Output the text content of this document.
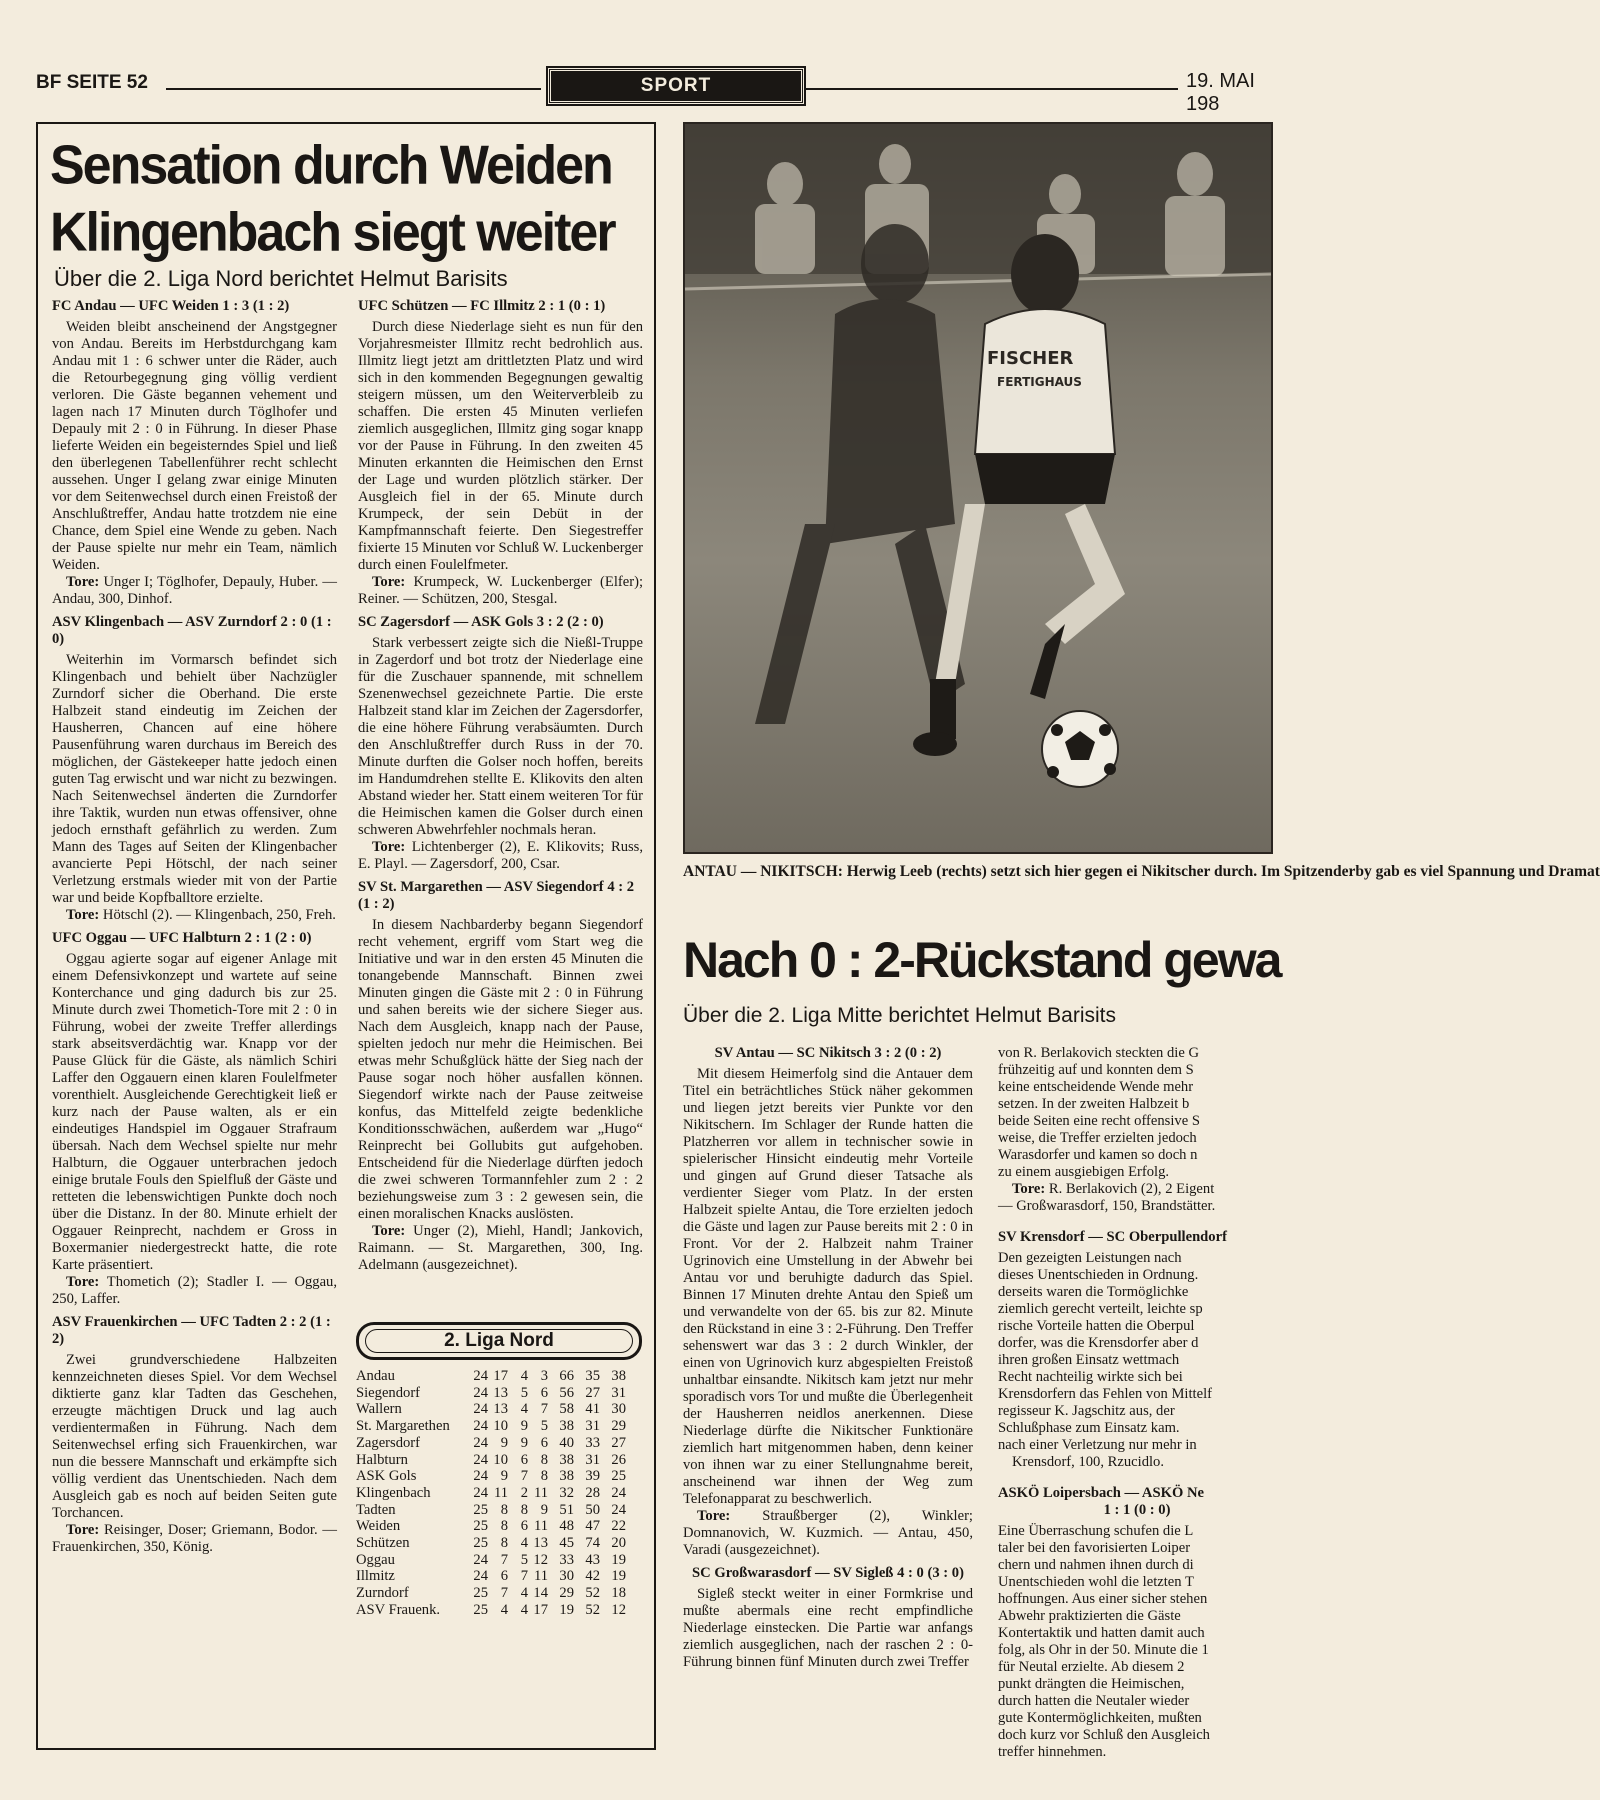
BF SEITE 52	SPORT	19. MAI 198
Sensation durch Weiden
Klingenbach siegt weiter
Über die 2. Liga Nord berichtet Helmut Barisits

FC Andau — UFC Weiden 1 : 3 (1 : 2)

Weiden bleibt anscheinend der Angstgegner von Andau. Bereits im Herbstdurchgang kam Andau mit 1 : 6 schwer unter die Räder, auch die Retourbegegnung ging völlig verdient verloren. Die Gäste begannen vehement und lagen nach 17 Minuten durch Töglhofer und Depauly mit 2 : 0 in Führung. In dieser Phase lieferte Weiden ein begeisterndes Spiel und ließ den überlegenen Tabellenführer recht schlecht aussehen. Unger I gelang zwar einige Minuten vor dem Seitenwechsel durch einen Freistoß der Anschlußtreffer, Andau hatte trotzdem nie eine Chance, dem Spiel eine Wende zu geben. Nach der Pause spielte nur mehr ein Team, nämlich Weiden.

Tore: Unger I; Töglhofer, Depauly, Huber. — Andau, 300, Dinhof.

ASV Klingenbach — ASV Zurndorf 2 : 0 (1 : 0)

Weiterhin im Vormarsch befindet sich Klingenbach und behielt über Nachzügler Zurndorf sicher die Oberhand. Die erste Halbzeit stand eindeutig im Zeichen der Hausherren, Chancen auf eine höhere Pausenführung waren durchaus im Bereich des möglichen, der Gästekeeper hatte jedoch einen guten Tag erwischt und war nicht zu bezwingen. Nach Seitenwechsel änderten die Zurndorfer ihre Taktik, wurden nun etwas offensiver, ohne jedoch ernsthaft gefährlich zu werden. Zum Mann des Tages auf Seiten der Klingenbacher avancierte Pepi Hötschl, der nach seiner Verletzung erstmals wieder mit von der Partie war und beide Kopfballtore erzielte.

Tore: Hötschl (2). — Klingenbach, 250, Freh.

UFC Oggau — UFC Halbturn 2 : 1 (2 : 0)

Oggau agierte sogar auf eigener Anlage mit einem Defensivkonzept und wartete auf seine Konterchance und ging dadurch bis zur 25. Minute durch zwei Thometich-Tore mit 2 : 0 in Führung, wobei der zweite Treffer allerdings stark abseitsverdächtig war. Knapp vor der Pause Glück für die Gäste, als nämlich Schiri Laffer den Oggauern einen klaren Foulelfmeter vorenthielt. Ausgleichende Gerechtigkeit ließ er kurz nach der Pause walten, als er ein eindeutiges Handspiel im Oggauer Strafraum übersah. Nach dem Wechsel spielte nur mehr Halbturn, die Oggauer unterbrachen jedoch einige brutale Fouls den Spielfluß der Gäste und retteten die lebenswichtigen Punkte doch noch über die Distanz. In der 80. Minute erhielt der Oggauer Reinprecht, nachdem er Gross in Boxermanier niedergestreckt hatte, die rote Karte präsentiert.

Tore: Thometich (2); Stadler I. — Oggau, 250, Laffer.

ASV Frauenkirchen — UFC Tadten 2 : 2 (1 : 2)

Zwei grundverschiedene Halbzeiten kennzeichneten dieses Spiel. Vor dem Wechsel diktierte ganz klar Tadten das Geschehen, erzeugte mächtigen Druck und lag auch verdientermaßen in Führung. Nach dem Seitenwechsel erfing sich Frauenkirchen, war nun die bessere Mannschaft und erkämpfte sich völlig verdient das Unentschieden. Nach dem Ausgleich gab es noch auf beiden Seiten gute Torchancen.

Tore: Reisinger, Doser; Griemann, Bodor. — Frauenkirchen, 350, König.

UFC Schützen — FC Illmitz 2 : 1 (0 : 1)

Durch diese Niederlage sieht es nun für den Vorjahresmeister Illmitz recht bedrohlich aus. Illmitz liegt jetzt am drittletzten Platz und wird sich in den kommenden Begegnungen gewaltig steigern müssen, um den Weiterverbleib zu schaffen. Die ersten 45 Minuten verliefen ziemlich ausgeglichen, Illmitz ging sogar knapp vor der Pause in Führung. In den zweiten 45 Minuten erkannten die Heimischen den Ernst der Lage und wurden plötzlich stärker. Der Ausgleich fiel in der 65. Minute durch Krumpeck, der sein Debüt in der Kampfmannschaft feierte. Den Siegestreffer fixierte 15 Minuten vor Schluß W. Luckenberger durch einen Foulelfmeter.

Tore: Krumpeck, W. Luckenberger (Elfer); Reiner. — Schützen, 200, Stesgal.

SC Zagersdorf — ASK Gols 3 : 2 (2 : 0)

Stark verbessert zeigte sich die Nießl-Truppe in Zagerdorf und bot trotz der Niederlage eine für die Zuschauer spannende, mit schnellem Szenenwechsel gezeichnete Partie. Die erste Halbzeit stand klar im Zeichen der Zagersdorfer, die eine höhere Führung verabsäumten. Durch den Anschlußtreffer durch Russ in der 70. Minute durften die Golser noch hoffen, bereits im Handumdrehen stellte E. Klikovits den alten Abstand wieder her. Statt einem weiteren Tor für die Heimischen kamen die Golser durch einen schweren Abwehrfehler nochmals heran.

Tore: Lichtenberger (2), E. Klikovits; Russ, E. Playl. — Zagersdorf, 200, Csar.

SV St. Margarethen — ASV Siegendorf 4 : 2 (1 : 2)

In diesem Nachbarderby begann Siegendorf recht vehement, ergriff vom Start weg die Initiative und war in den ersten 45 Minuten die tonangebende Mannschaft. Binnen zwei Minuten gingen die Gäste mit 2 : 0 in Führung und sahen bereits wie der sichere Sieger aus. Nach dem Ausgleich, knapp nach der Pause, spielten jedoch nur mehr die Heimischen. Bei etwas mehr Schußglück hätte der Sieg nach der Pause sogar noch höher ausfallen können. Siegendorf wirkte nach der Pause zeitweise konfus, das Mittelfeld zeigte bedenkliche Konditionsschwächen, außerdem war „Hugo“ Reinprecht bei Gollubits gut aufgehoben. Entscheidend für die Niederlage dürften jedoch die zwei schweren Tormannfehler zum 2 : 2 beziehungsweise zum 3 : 2 gewesen sein, die einen moralischen Knacks auslösten.

Tore: Unger (2), Miehl, Handl; Jankovich, Raimann. — St. Margarethen, 300, Ing. Adelmann (ausgezeichnet).

2. Liga Nord
Andau	24 17 4 3 66 35 38
Siegendorf	24 13 5 6 56 27 31
Wallern	24 13 4 7 58 41 30
St. Margarethen	24 10 9 5 38 31 29
Zagersdorf	24 9 9 6 40 33 27
Halbturn	24 10 6 8 38 31 26
ASK Gols	24 9 7 8 38 39 25
Klingenbach	24 11 2 11 32 28 24
Tadten	25 8 8 9 51 50 24
Weiden	25 8 6 11 48 47 22
Schützen	25 8 4 13 45 74 20
Oggau	24 7 5 12 33 43 19
Illmitz	24 6 7 11 30 42 19
Zurndorf	25 7 4 14 29 52 18
ASV Frauenk.	25 4 4 17 19 52 12
FISCHER
FERTIGHAUS
ANTAU — NIKITSCH: Herwig Leeb (rechts) setzt sich hier gegen ei Nikitscher durch. Im Spitzenderby gab es viel Spannung und Dramat
Nach 0 : 2-Rückstand gewa
Über die 2. Liga Mitte berichtet Helmut Barisits

SV Antau — SC Nikitsch 3 : 2 (0 : 2)

Mit diesem Heimerfolg sind die Antauer dem Titel ein beträchtliches Stück näher gekommen und liegen jetzt bereits vier Punkte vor den Nikitschern. Im Schlager der Runde hatten die Platzherren vor allem in technischer sowie in spielerischer Hinsicht eindeutig mehr Vorteile und gingen auf Grund dieser Tatsache als verdienter Sieger vom Platz. In der ersten Halbzeit spielte Antau, die Tore erzielten jedoch die Gäste und lagen zur Pause bereits mit 2 : 0 in Front. Vor der 2. Halbzeit nahm Trainer Ugrinovich eine Umstellung in der Abwehr bei Antau vor und beruhigte dadurch das Spiel. Binnen 17 Minuten drehte Antau den Spieß um und verwandelte von der 65. bis zur 82. Minute den Rückstand in eine 3 : 2-Führung. Den Treffer sehenswert war das 3 : 2 durch Winkler, der einen von Ugrinovich kurz abgespielten Freistoß unhaltbar einsandte. Nikitsch kam jetzt nur mehr sporadisch vors Tor und mußte die Überlegenheit der Hausherren neidlos anerkennen. Diese Niederlage dürfte die Nikitscher Funktionäre ziemlich hart mitgenommen haben, denn keiner von ihnen war zu einer Stellungnahme bereit, anscheinend war ihnen der Weg zum Telefonapparat zu beschwerlich.

Tore: Straußberger (2), Winkler; Domnanovich, W. Kuzmich. — Antau, 450, Varadi (ausgezeichnet).

SC Großwarasdorf — SV Sigleß 4 : 0 (3 : 0)

Sigleß steckt weiter in einer Formkrise und mußte abermals eine recht empfindliche Niederlage einstecken. Die Partie war anfangs ziemlich ausgeglichen, nach der raschen 2 : 0-Führung binnen fünf Minuten durch zwei Treffer

von R. Berlakovich steckten die G

frühzeitig auf und konnten dem S

keine entscheidende Wende mehr

setzen. In der zweiten Halbzeit b

beide Seiten eine recht offensive S

weise, die Treffer erzielten jedoch

Warasdorfer und kamen so doch n

zu einem ausgiebigen Erfolg.

Tore: R. Berlakovich (2), 2 Eigent

— Großwarasdorf, 150, Brandstätter.

SV Krensdorf — SC Oberpullendorf

Den gezeigten Leistungen nach

dieses Unentschieden in Ordnung.

derseits waren die Tormöglichke

ziemlich gerecht verteilt, leichte sp

rische Vorteile hatten die Oberpul

dorfer, was die Krensdorfer aber d

ihren großen Einsatz wettmach

Recht nachteilig wirkte sich bei

Krensdorfern das Fehlen von Mittelf

regisseur K. Jagschitz aus, der

Schlußphase zum Einsatz kam.

nach einer Verletzung nur mehr in

Krensdorf, 100, Rzucidlo.

ASKÖ Loipersbach — ASKÖ Ne

1 : 1 (0 : 0)

Eine Überraschung schufen die L

taler bei den favorisierten Loiper

chern und nahmen ihnen durch di

Unentschieden wohl die letzten T

hoffnungen. Aus einer sicher stehen

Abwehr praktizierten die Gäste

Kontertaktik und hatten damit auch

folg, als Ohr in der 50. Minute die 1

für Neutal erzielte. Ab diesem 2

punkt drängten die Heimischen,

durch hatten die Neutaler wieder

gute Kontermöglichkeiten, mußten

doch kurz vor Schluß den Ausgleich

treffer hinnehmen.
